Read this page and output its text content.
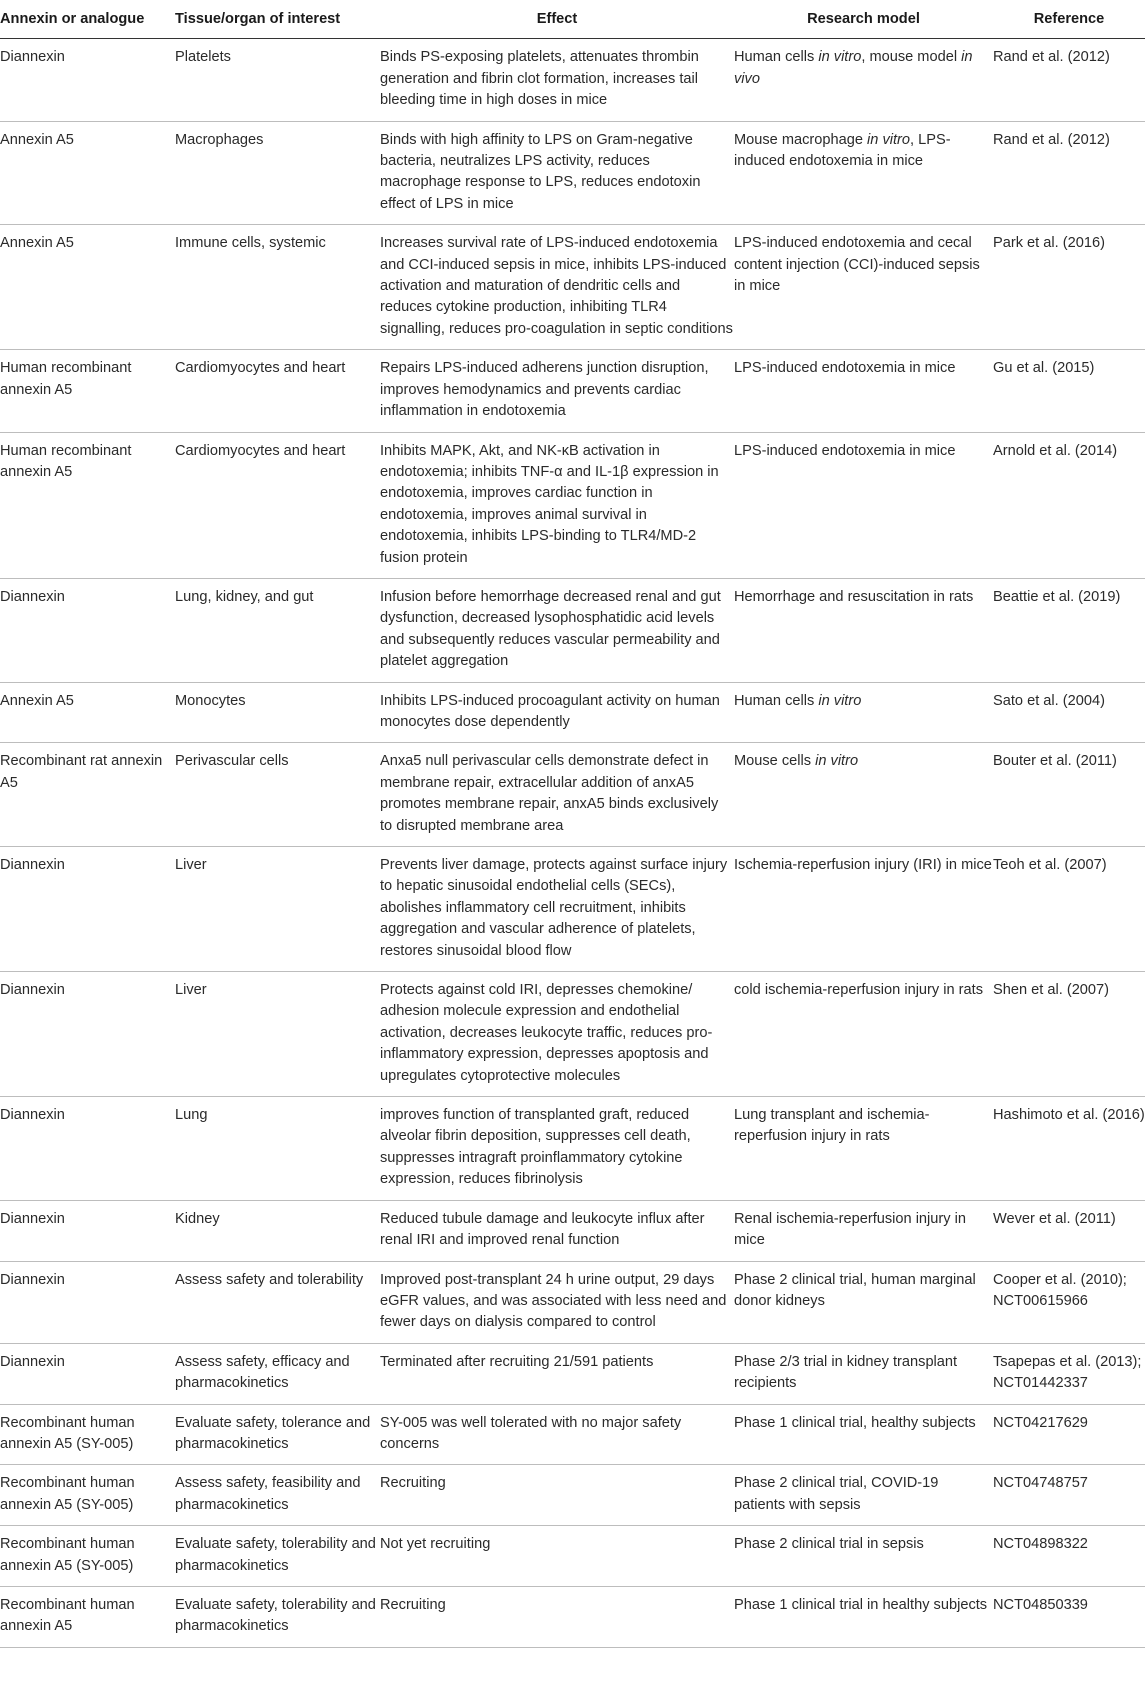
Annexin or analogue	Tissue/organ of interest	Effect	Research model	Reference
Diannexin	Platelets	Binds PS-exposing platelets, attenuates thrombin generation and fibrin clot formation, increases tail bleeding time in high doses in mice	Human cells in vitro, mouse model in vivo	Rand et al. (2012)
Annexin A5	Macrophages	Binds with high affinity to LPS on Gram-negative bacteria, neutralizes LPS activity, reduces macrophage response to LPS, reduces endotoxin effect of LPS in mice	Mouse macrophage in vitro, LPS-induced endotoxemia in mice	Rand et al. (2012)
Annexin A5	Immune cells, systemic	Increases survival rate of LPS-induced endotoxemia and CCI-induced sepsis in mice, inhibits LPS-induced activation and maturation of dendritic cells and reduces cytokine production, inhibiting TLR4 signalling, reduces pro-coagulation in septic conditions	LPS-induced endotoxemia and cecal content injection (CCI)-induced sepsis in mice	Park et al. (2016)
Human recombinant annexin A5	Cardiomyocytes and heart	Repairs LPS-induced adherens junction disruption, improves hemodynamics and prevents cardiac inflammation in endotoxemia	LPS-induced endotoxemia in mice	Gu et al. (2015)
Human recombinant annexin A5	Cardiomyocytes and heart	Inhibits MAPK, Akt, and NK-κB activation in endotoxemia; inhibits TNF-α and IL-1β expression in endotoxemia, improves cardiac function in endotoxemia, improves animal survival in endotoxemia, inhibits LPS-binding to TLR4/MD-2 fusion protein	LPS-induced endotoxemia in mice	Arnold et al. (2014)
Diannexin	Lung, kidney, and gut	Infusion before hemorrhage decreased renal and gut dysfunction, decreased lysophosphatidic acid levels and subsequently reduces vascular permeability and platelet aggregation	Hemorrhage and resuscitation in rats	Beattie et al. (2019)
Annexin A5	Monocytes	Inhibits LPS-induced procoagulant activity on human monocytes dose dependently	Human cells in vitro	Sato et al. (2004)
Recombinant rat annexin A5	Perivascular cells	Anxa5 null perivascular cells demonstrate defect in membrane repair, extracellular addition of anxA5 promotes membrane repair, anxA5 binds exclusively to disrupted membrane area	Mouse cells in vitro	Bouter et al. (2011)
Diannexin	Liver	Prevents liver damage, protects against surface injury to hepatic sinusoidal endothelial cells (SECs), abolishes inflammatory cell recruitment, inhibits aggregation and vascular adherence of platelets, restores sinusoidal blood flow	Ischemia-reperfusion injury (IRI) in mice	Teoh et al. (2007)
Diannexin	Liver	Protects against cold IRI, depresses chemokine/ adhesion molecule expression and endothelial activation, decreases leukocyte traffic, reduces pro-inflammatory expression, depresses apoptosis and upregulates cytoprotective molecules	cold ischemia-reperfusion injury in rats	Shen et al. (2007)
Diannexin	Lung	improves function of transplanted graft, reduced alveolar fibrin deposition, suppresses cell death, suppresses intragraft proinflammatory cytokine expression, reduces fibrinolysis	Lung transplant and ischemia-reperfusion injury in rats	Hashimoto et al. (2016)
Diannexin	Kidney	Reduced tubule damage and leukocyte influx after renal IRI and improved renal function	Renal ischemia-reperfusion injury in mice	Wever et al. (2011)
Diannexin	Assess safety and tolerability	Improved post-transplant 24 h urine output, 29 days eGFR values, and was associated with less need and fewer days on dialysis compared to control	Phase 2 clinical trial, human marginal donor kidneys	Cooper et al. (2010); NCT00615966
Diannexin	Assess safety, efficacy and pharmacokinetics	Terminated after recruiting 21/591 patients	Phase 2/3 trial in kidney transplant recipients	Tsapepas et al. (2013); NCT01442337
Recombinant human annexin A5 (SY-005)	Evaluate safety, tolerance and pharmacokinetics	SY-005 was well tolerated with no major safety concerns	Phase 1 clinical trial, healthy subjects	NCT04217629
Recombinant human annexin A5 (SY-005)	Assess safety, feasibility and pharmacokinetics	Recruiting	Phase 2 clinical trial, COVID-19 patients with sepsis	NCT04748757
Recombinant human annexin A5 (SY-005)	Evaluate safety, tolerability and pharmacokinetics	Not yet recruiting	Phase 2 clinical trial in sepsis	NCT04898322
Recombinant human annexin A5	Evaluate safety, tolerability and pharmacokinetics	Recruiting	Phase 1 clinical trial in healthy subjects	NCT04850339
